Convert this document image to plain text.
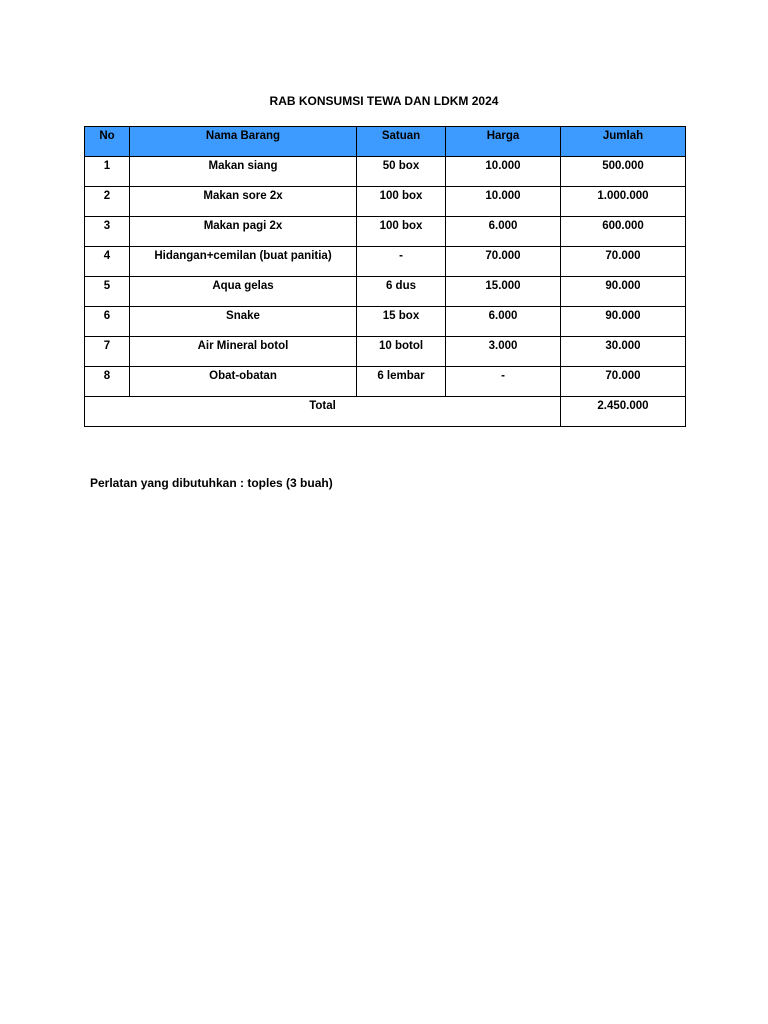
RAB KONSUMSI TEWA DAN LDKM 2024
No	Nama Barang	Satuan	Harga	Jumlah
1	Makan siang	50 box	10.000	500.000
2	Makan sore 2x	100 box	10.000	1.000.000
3	Makan pagi 2x	100 box	6.000	600.000
4	Hidangan+cemilan (buat panitia)	-	70.000	70.000
5	Aqua gelas	6 dus	15.000	90.000
6	Snake	15 box	6.000	90.000
7	Air Mineral botol	10 botol	3.000	30.000
8	Obat-obatan	6 lembar	-	70.000
Total				2.450.000
Perlatan yang dibutuhkan : toples (3 buah)
